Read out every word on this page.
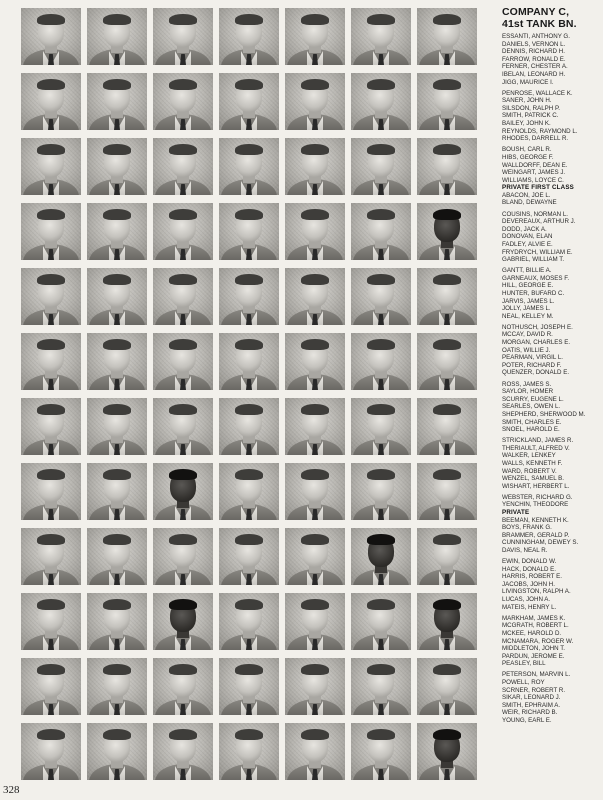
COMPANY C,
41st TANK BN.
ESSANTI, ANTHONY G.
DANIELS, VERNON L.
DENNIS, RICHARD H.
FARROW, RONALD E.
FERNER, CHESTER A.
IBELAN, LEONARD H.
JIGG, MAURICE I.
PENROSE, WALLACE K.
SANER, JOHN H.
SILSDON, RALPH P.
SMITH, PATRICK C.
BAILEY, JOHN K.
REYNOLDS, RAYMOND L.
RHODES, DARRELL R.
BOUSH, CARL R.
HIBS, GEORGE F.
WALLDORFF, DEAN E.
WEINGART, JAMES J.
WILLIAMS, LOYCE C.
PRIVATE FIRST CLASS
ABACON, JOE L.
BLAND, DEWAYNE
COUSINS, NORMAN L.
DEVEREAUX, ARTHUR J.
DODD, JACK A.
DONOVAN, ELAN
FADLEY, ALVIE E.
FRYDRYCH, WILLIAM E.
GABRIEL, WILLIAM T.
GANTT, BILLIE A.
GARNEAUX, MOSES F.
HILL, GEORGE E.
HUNTER, BUFARD C.
JARVIS, JAMES L.
JOLLY, JAMES L.
NEAL, KELLEY M.
NOTHUSCH, JOSEPH E.
MCCAY, DAVID R.
MORGAN, CHARLES E.
OATIS, WILLIE J.
PEARMAN, VIRGIL L.
POTER, RICHARD F.
QUENZER, DONALD E.
ROSS, JAMES S.
SAYLOR, HOMER
SCURRY, EUGENE L.
SEARLES, OWEN L.
SHEPHERD, SHERWOOD M.
SMITH, CHARLES E.
SNOEL, HAROLD E.
STRICKLAND, JAMES R.
THERIAULT, ALFRED V.
WALKER, LENKEY
WALLS, KENNETH F.
WARD, ROBERT V.
WENZEL, SAMUEL B.
WISHART, HERBERT L.
WEBSTER, RICHARD G.
YENCHIN, THEODORE
PRIVATE
BEEMAN, KENNETH K.
BOYS, FRANK G.
BRAMMER, GERALD P.
CUNNINGHAM, DEWEY S.
DAVIS, NEAL R.
EWIN, DONALD W.
HACK, DONALD E.
HARRIS, ROBERT E.
JACOBS, JOHN H.
LIVINGSTON, RALPH A.
LUCAS, JOHN A.
MATEIS, HENRY L.
MARKHAM, JAMES K.
MCGRATH, ROBERT L.
MCKEE, HAROLD D.
MCNAMARA, ROGER W.
MIDDLETON, JOHN T.
PARDUN, JEROME E.
PEASLEY, BILL
PETERSON, MARVIN L.
POWELL, ROY
SCRNER, ROBERT R.
SIKAR, LEONARD J.
SMITH, EPHRAIM A.
WEIR, RICHARD B.
YOUNG, EARL E.
328
